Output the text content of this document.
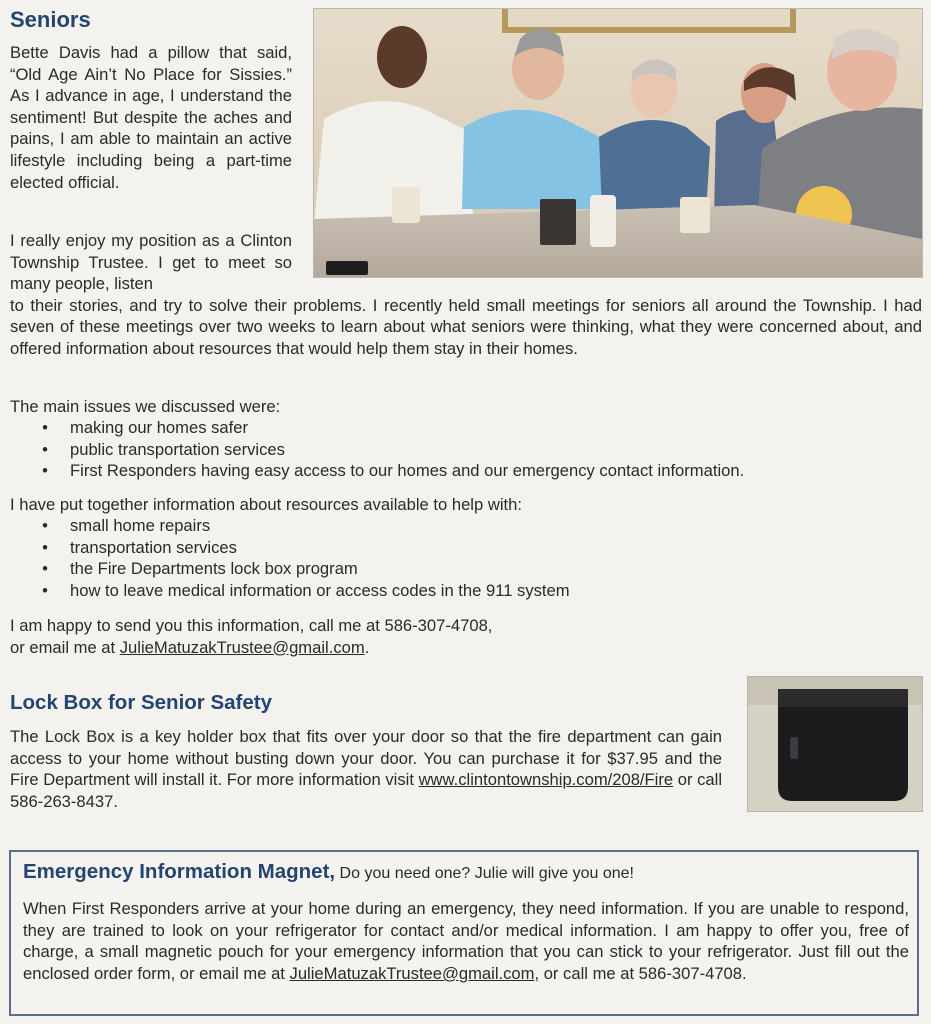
Seniors

Bette Davis had a pillow that said, “Old Age Ain’t No Place for Sissies.” As I advance in age, I understand the sentiment! But despite the aches and pains, I am able to maintain an active lifestyle including being a part-time elected official.

I really enjoy my position as a Clinton Township Trustee. I get to meet so many people, listen

to their stories, and try to solve their problems. I recently held small meetings for seniors all around the Township. I had seven of these meetings over two weeks to learn about what seniors were thinking, what they were concerned about, and offered information about resources that would help them stay in their homes.

The main issues we discussed were:

• making our homes safer
• public transportation services
• First Responders having easy access to our homes and our emergency contact information.

I have put together information about resources available to help with:

• small home repairs
• transportation services
• the Fire Departments lock box program
• how to leave medical information or access codes in the 911 system
I am happy to send you this information, call me at 586-307-4708,
or email me at JulieMatuzakTrustee@gmail.com.
Lock Box for Senior Safety

The Lock Box is a key holder box that fits over your door so that the fire department can gain access to your home without busting down your door. You can purchase it for $37.95 and the Fire Department will install it. For more information visit www.clintontownship.com/208/Fire or call 586-263-8437.

Emergency Information Magnet, Do you need one? Julie will give you one!

When First Responders arrive at your home during an emergency, they need information. If you are unable to respond, they are trained to look on your refrigerator for contact and/or medical information. I am happy to offer you, free of charge, a small magnetic pouch for your emergency information that you can stick to your refrigerator. Just fill out the enclosed order form, or email me at JulieMatuzakTrustee@gmail.com, or call me at 586-307-4708.
